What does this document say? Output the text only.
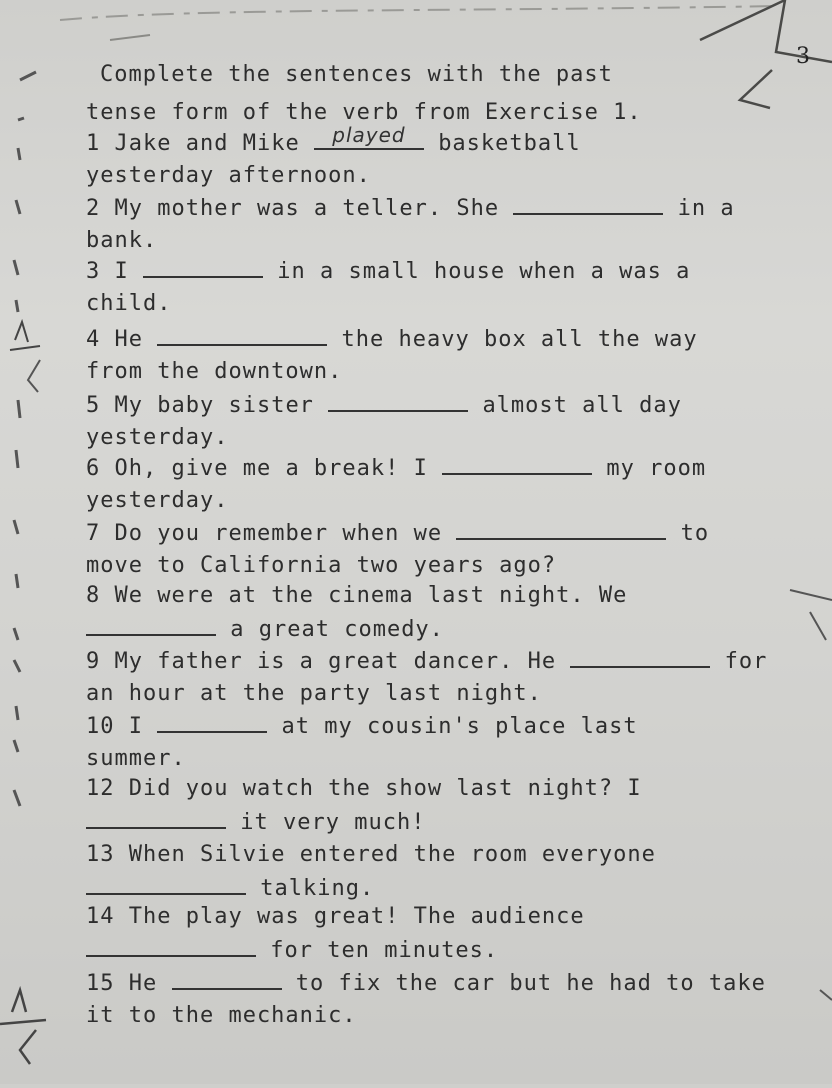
3
Complete the sentences with the past
tense form of the verb from Exercise 1.
1 Jake and Mike	played	basketball
yesterday afternoon.
2 My mother was a teller. She	in a
bank.
3 I	in a small house when a was a
child.
4 He	the heavy box all the way
from the downtown.
5 My baby sister	almost all day
yesterday.
6 Oh, give me a break! I	my room
yesterday.
7 Do you remember when we	to
move to California two years ago?
8 We were at the cinema last night. We
a great comedy.
9 My father is a great dancer. He	for
an hour at the party last night.
10 I	at my cousin's place last
summer.
12 Did you watch the show last night? I
it very much!
13 When Silvie entered the room everyone
talking.
14 The play was great! The audience
for ten minutes.
15 He	to fix the car but he had to take
it to the mechanic.
